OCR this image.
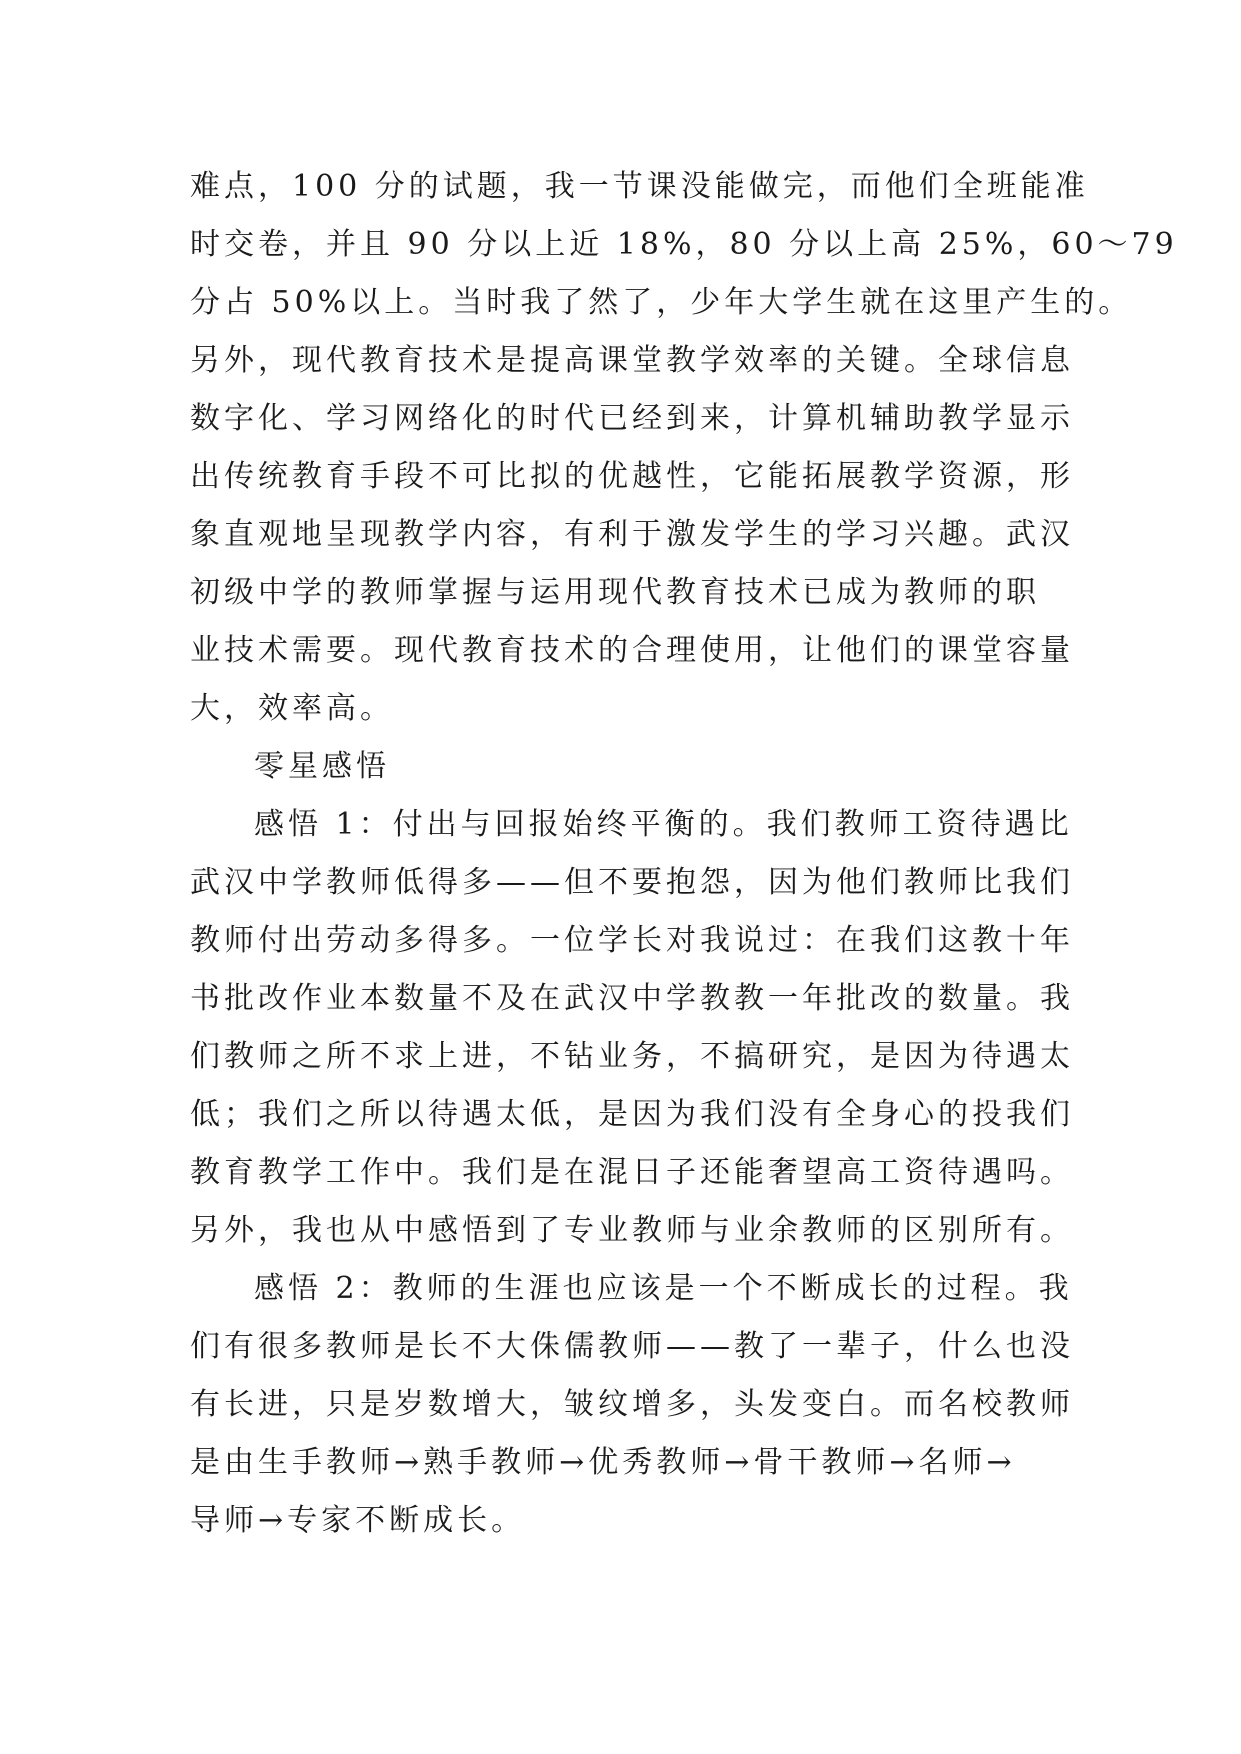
难点，100 分的试题，我一节课没能做完，而他们全班能准
时交卷，并且 90 分以上近 18%，80 分以上高 25%，60～79
分占 50%以上。当时我了然了，少年大学生就在这里产生的。
另外，现代教育技术是提高课堂教学效率的关键。全球信息
数字化、学习网络化的时代已经到来，计算机辅助教学显示
出传统教育手段不可比拟的优越性，它能拓展教学资源，形
象直观地呈现教学内容，有利于激发学生的学习兴趣。武汉
初级中学的教师掌握与运用现代教育技术已成为教师的职
业技术需要。现代教育技术的合理使用，让他们的课堂容量
大，效率高。
零星感悟
感悟 1：付出与回报始终平衡的。我们教师工资待遇比
武汉中学教师低得多——但不要抱怨，因为他们教师比我们
教师付出劳动多得多。一位学长对我说过：在我们这教十年
书批改作业本数量不及在武汉中学教教一年批改的数量。我
们教师之所不求上进，不钻业务，不搞研究，是因为待遇太
低；我们之所以待遇太低，是因为我们没有全身心的投我们
教育教学工作中。我们是在混日子还能奢望高工资待遇吗。
另外，我也从中感悟到了专业教师与业余教师的区别所有。
感悟 2：教师的生涯也应该是一个不断成长的过程。我
们有很多教师是长不大侏儒教师——教了一辈子，什么也没
有长进，只是岁数增大，皱纹增多，头发变白。而名校教师
是由生手教师→熟手教师→优秀教师→骨干教师→名师→
导师→专家不断成长。
